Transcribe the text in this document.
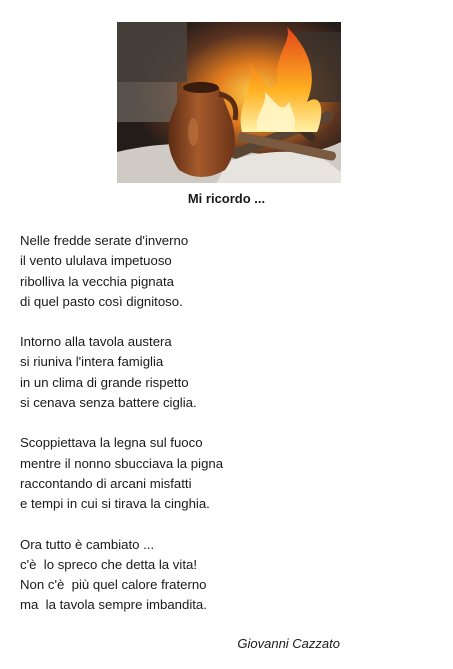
Mi ricordo ...
Nelle fredde serate d'inverno
il vento ululava impetuoso
ribolliva la vecchia pignata
di quel pasto così dignitoso.
Intorno alla tavola austera
si riuniva l'intera famiglia
in un clima di grande rispetto
si cenava senza battere ciglia.
Scoppiettava la legna sul fuoco
mentre il nonno sbucciava la pigna
raccontando di arcani misfatti
e tempi in cui si tirava la cinghia.
Ora tutto è cambiato ...
c'è  lo spreco che detta la vita!
Non c'è  più quel calore fraterno
ma  la tavola sempre imbandita.
Giovanni Cazzato
